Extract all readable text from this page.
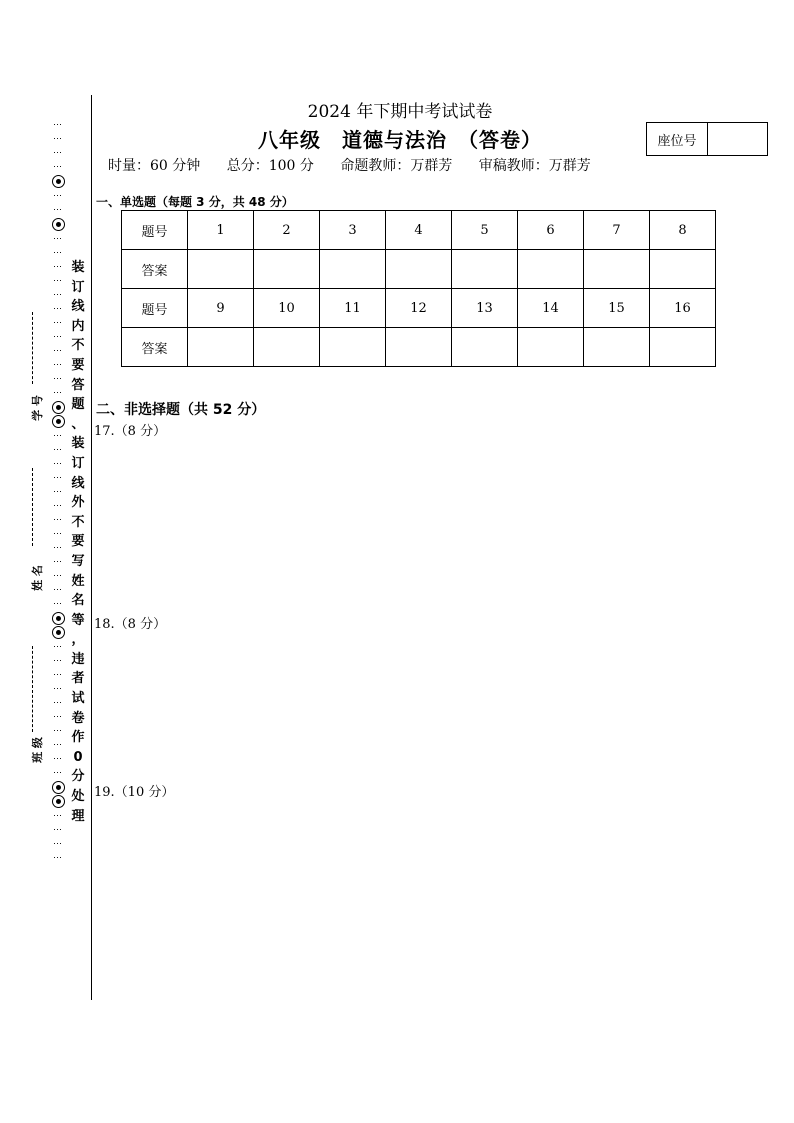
⋯
⋯
⋯
⋯
⋯
⋯
⋯
⋯
⋯
⋯
⋯
⋯
⋯
⋯
⋯
⋯
⋯
⋯
⋯
⋯
⋯
⋯
⋯
⋯
⋯
⋯
⋯
⋯
⋯
⋯
⋯
⋯
⋯
⋯
⋯
⋯
⋯
⋯
⋯
⋯
⋯
⋯
⋯
⋯
⋯
装
订
线
内
不
要
答
题
、
装
订
线
外
不
要
写
姓
名
等
，
违
者
试
卷
作
0
分
处
理
学 号
姓 名
班 级
2024 年下期中考试试卷
八年级　道德与法治　（答卷）
时量：60 分钟 总分：100 分 命题教师：万群芳 审稿教师：万群芳
座位号
一、单选题（每题 3 分，共 48 分）
题号	1	2	3	4	5	6	7	8
答案								
题号	9	10	11	12	13	14	15	16
答案								
二、非选择题（共 52 分）
17.（8 分）
18.（8 分）
19.（10 分）
